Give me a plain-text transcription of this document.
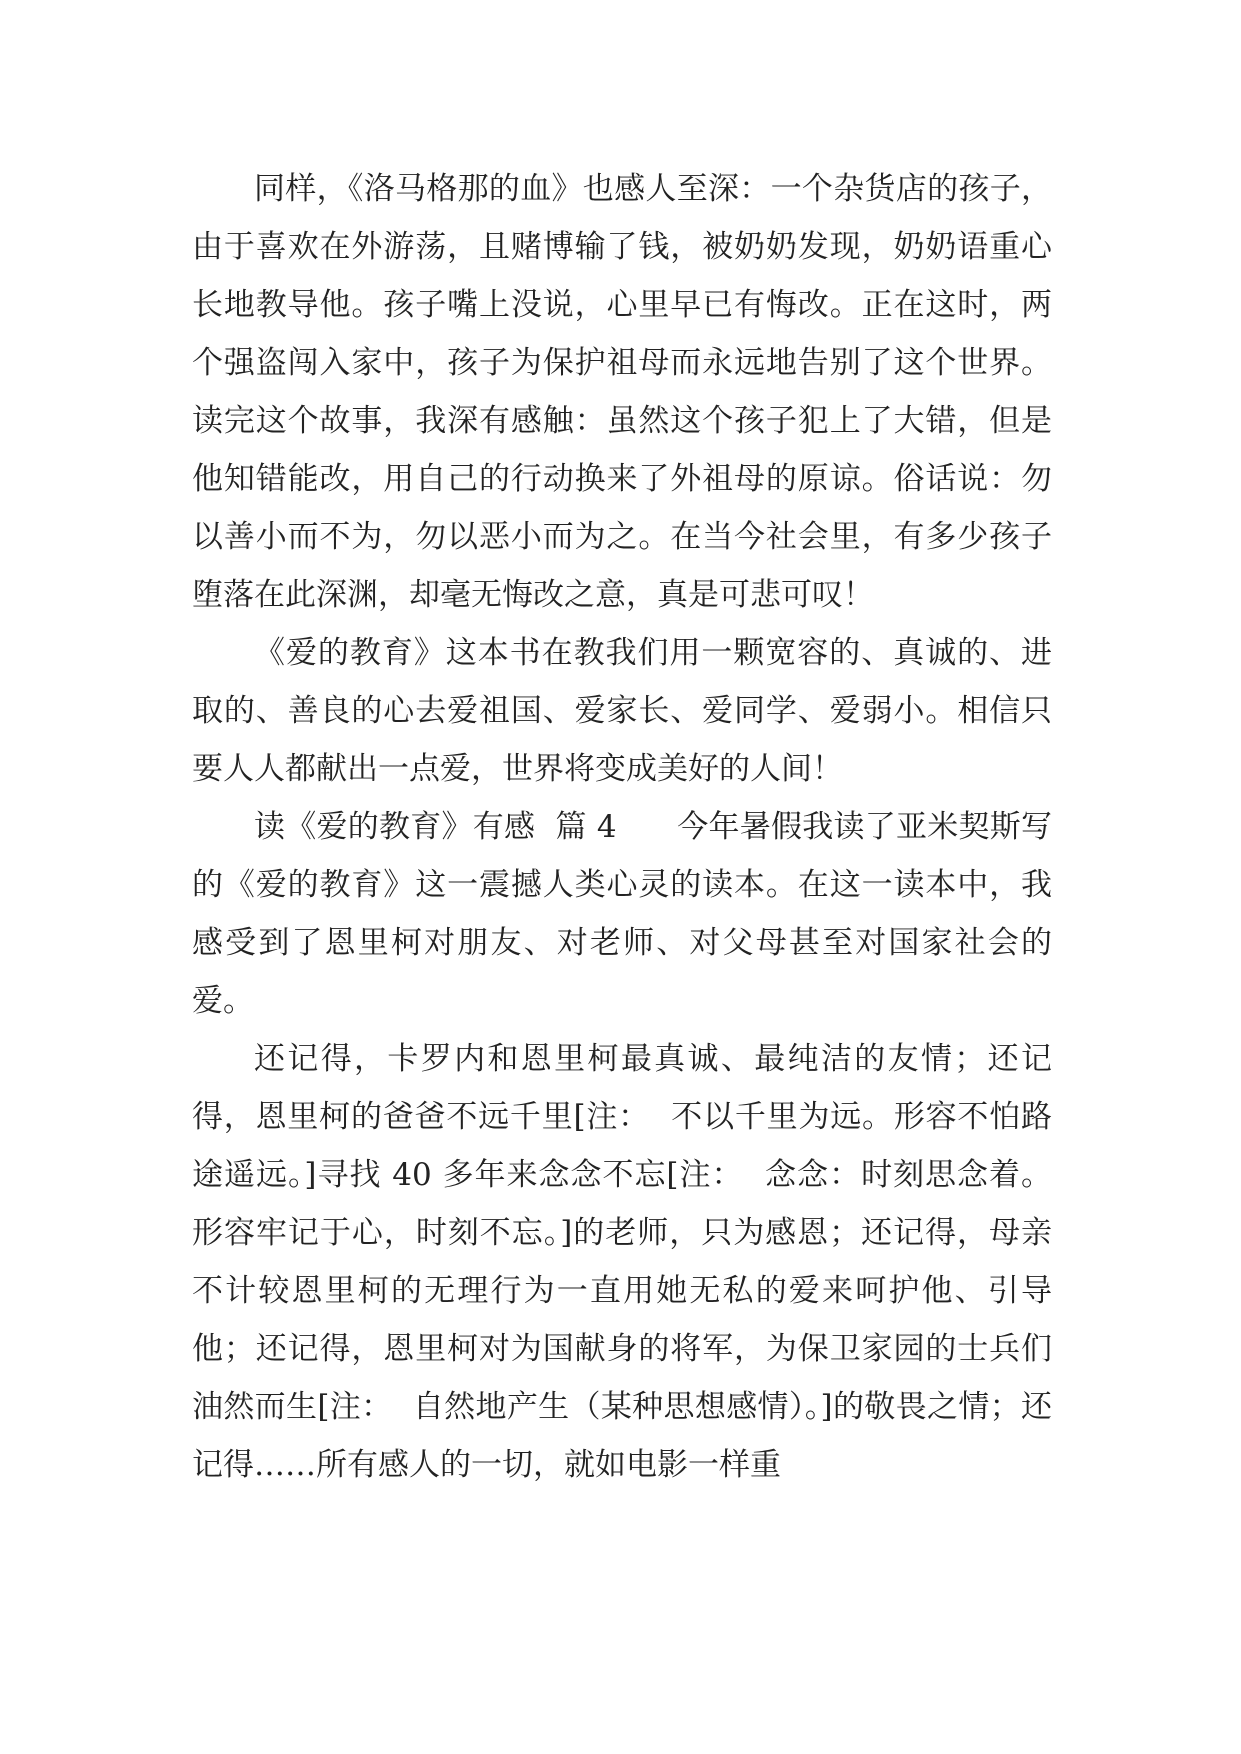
同样，《洛马格那的血》也感人至深：一个杂货店的孩子，由于喜欢在外游荡，且赌博输了钱，被奶奶发现，奶奶语重心长地教导他。孩子嘴上没说，心里早已有悔改。正在这时，两个强盗闯入家中，孩子为保护祖母而永远地告别了这个世界。读完这个故事，我深有感触：虽然这个孩子犯上了大错，但是他知错能改，用自己的行动换来了外祖母的原谅。俗话说：勿以善小而不为，勿以恶小而为之。在当今社会里，有多少孩子堕落在此深渊，却毫无悔改之意，真是可悲可叹！

《爱的教育》这本书在教我们用一颗宽容的、真诚的、进取的、善良的心去爱祖国、爱家长、爱同学、爱弱小。相信只要人人都献出一点爱，世界将变成美好的人间！

读《爱的教育》有感  篇 4      今年暑假我读了亚米契斯写的《爱的教育》这一震撼人类心灵的读本。在这一读本中，我感受到了恩里柯对朋友、对老师、对父母甚至对国家社会的爱。

还记得，卡罗内和恩里柯最真诚、最纯洁的友情；还记得，恩里柯的爸爸不远千里[注：  不以千里为远。形容不怕路途遥远。]寻找 40 多年来念念不忘[注：  念念：时刻思念着。形容牢记于心，时刻不忘。]的老师，只为感恩；还记得，母亲不计较恩里柯的无理行为一直用她无私的爱来呵护他、引导他；还记得，恩里柯对为国献身的将军，为保卫家园的士兵们油然而生[注：  自然地产生（某种思想感情）。]的敬畏之情；还记得……所有感人的一切，就如电影一样重
